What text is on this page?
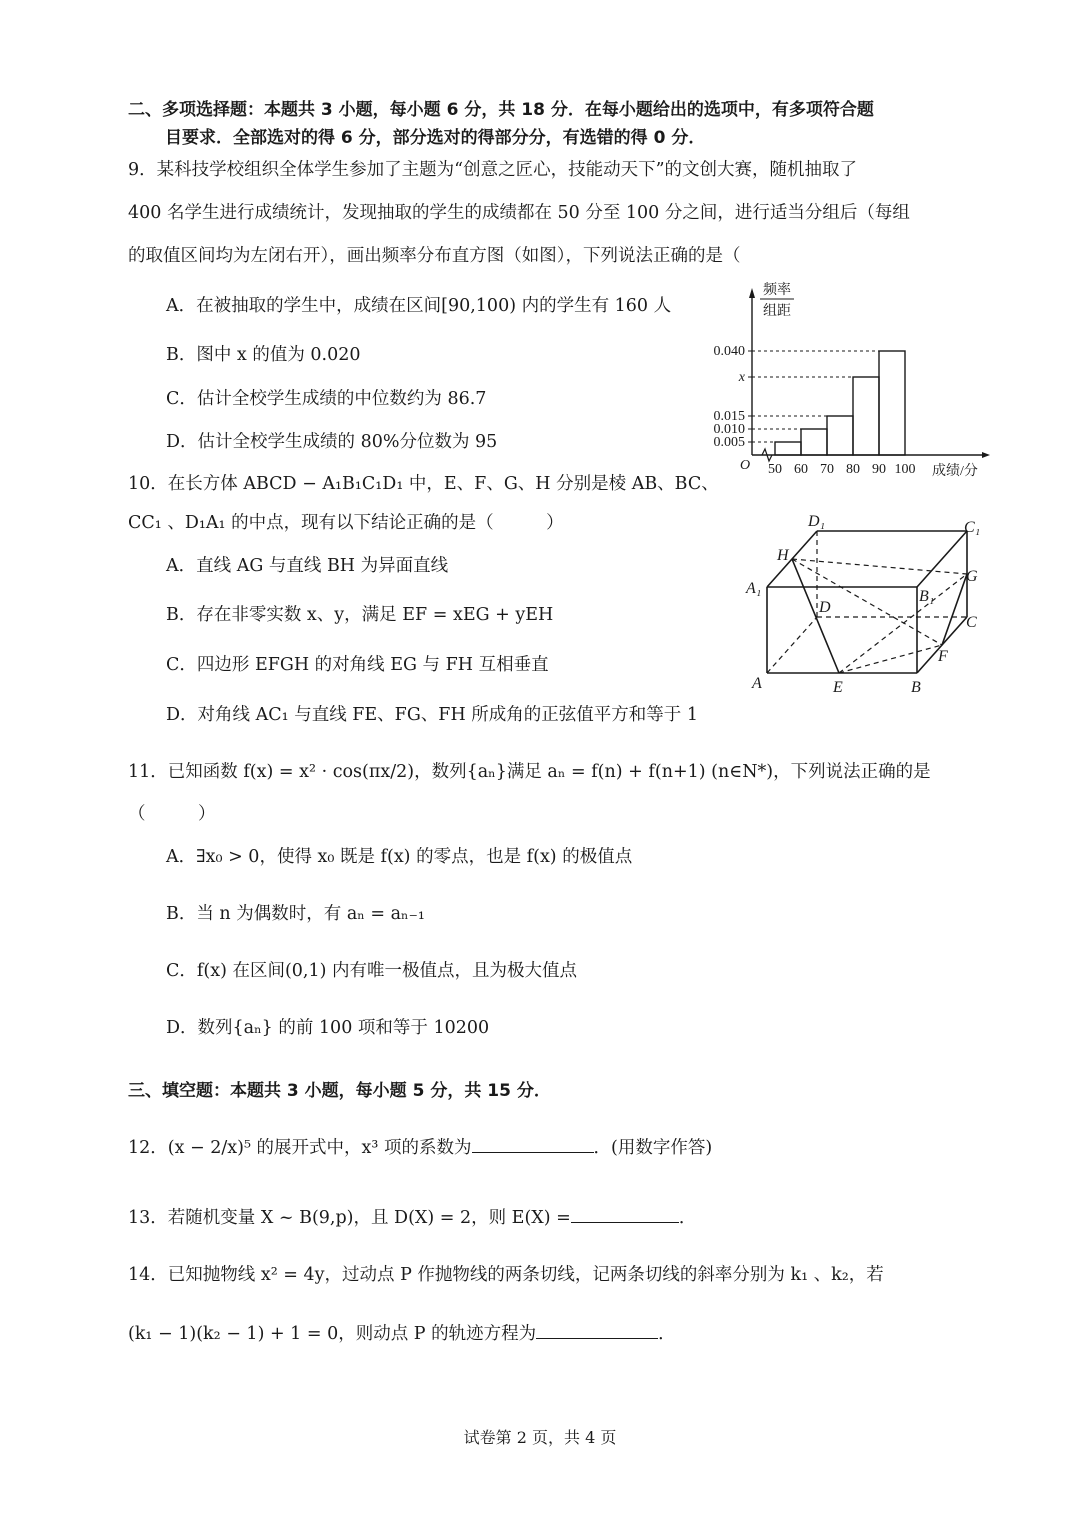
二、多项选择题：本题共 3 小题，每小题 6 分，共 18 分．在每小题给出的选项中，有多项符合题
目要求．全部选对的得 6 分，部分选对的得部分分，有选错的得 0 分．
9．某科技学校组织全体学生参加了主题为“创意之匠心，技能动天下”的文创大赛，随机抽取了
400 名学生进行成绩统计，发现抽取的学生的成绩都在 50 分至 100 分之间，进行适当分组后（每组
的取值区间均为左闭右开），画出频率分布直方图（如图），下列说法正确的是（
A．在被抽取的学生中，成绩在区间[90,100) 内的学生有 160 人
B．图中 x 的值为 0.020
C．估计全校学生成绩的中位数约为 86.7
D．估计全校学生成绩的 80%分位数为 95
0.040
x
0.015
0.010
0.005
50 60 70 80 90 100
O	成绩/分
频率
组距
10．在长方体 ABCD − A₁B₁C₁D₁ 中，E、F、G、H 分别是棱 AB、BC、
CC₁ 、D₁A₁ 的中点，现有以下结论正确的是（　　　）
A．直线 AG 与直线 BH 为异面直线
B．存在非零实数 x、y，满足 EF = xEG + yEH
C．四边形 EFGH 的对角线 EG 与 FH 互相垂直
D．对角线 AC₁ 与直线 FE、FG、FH 所成角的正弦值平方和等于 1
D₁	C₁
H
G
A₁	B₁
D
C
F
A	E	B
11．已知函数 f(x) = x² · cos(πx/2)，数列{aₙ}满足 aₙ = f(n) + f(n+1) (n∈N*)，下列说法正确的是
（　　　）
A．∃x₀ > 0，使得 x₀ 既是 f(x) 的零点，也是 f(x) 的极值点
B．当 n 为偶数时，有 aₙ = aₙ₋₁
C．f(x) 在区间(0,1) 内有唯一极值点，且为极大值点
D．数列{aₙ} 的前 100 项和等于 10200
三、填空题：本题共 3 小题，每小题 5 分，共 15 分．
12．(x − 2/x)⁵ 的展开式中，x³ 项的系数为	．(用数字作答)
13．若随机变量 X ~ B(9,p)，且 D(X) = 2，则 E(X) =	．
14．已知抛物线 x² = 4y，过动点 P 作抛物线的两条切线，记两条切线的斜率分别为 k₁ 、k₂，若
(k₁ − 1)(k₂ − 1) + 1 = 0，则动点 P 的轨迹方程为	．
试卷第 2 页，共 4 页
